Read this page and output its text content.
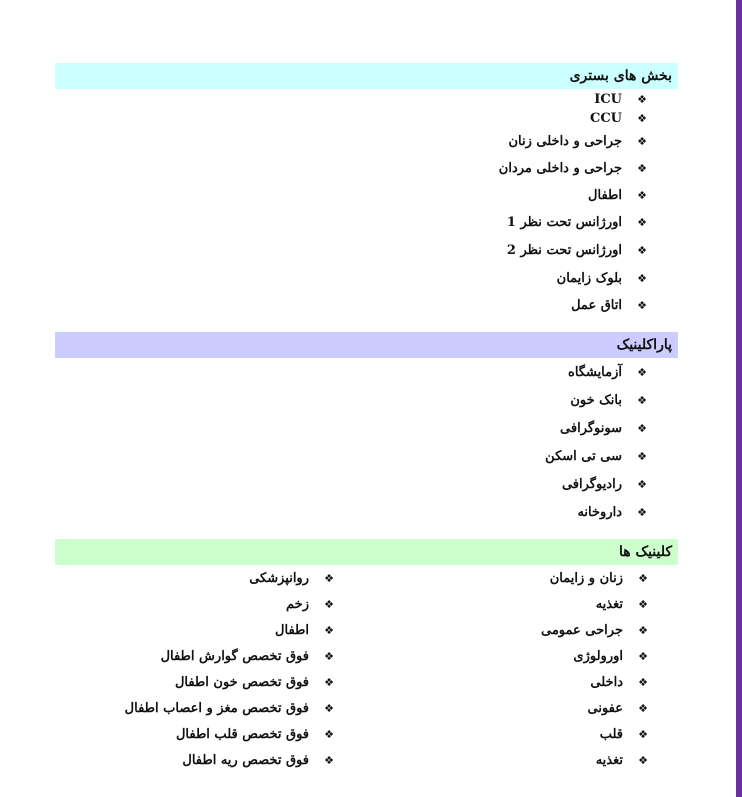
بخش های بستری
❖
ICU
❖
CCU
❖
جراحی و داخلی زنان
❖
جراحی و داخلی مردان
❖
اطفال
❖
اورژانس تحت نظر 1
❖
اورژانس تحت نظر 2
❖
بلوک زایمان
❖
اتاق عمل
پاراکلینیک
❖
آزمایشگاه
❖
بانک خون
❖
سونوگرافی
❖
سی تی اسکن
❖
رادیوگرافی
❖
داروخانه
کلینیک ها
❖
زنان و زایمان
❖
تغذیه
❖
جراحی عمومی
❖
اورولوژی
❖
داخلی
❖
عفونی
❖
قلب
❖
تغذیه
❖
روانپزشکی
❖
زخم
❖
اطفال
❖
فوق تخصص گوارش اطفال
❖
فوق تخصص خون اطفال
❖
فوق تخصص مغز و اعصاب اطفال
❖
فوق تخصص قلب اطفال
❖
فوق تخصص ریه اطفال
